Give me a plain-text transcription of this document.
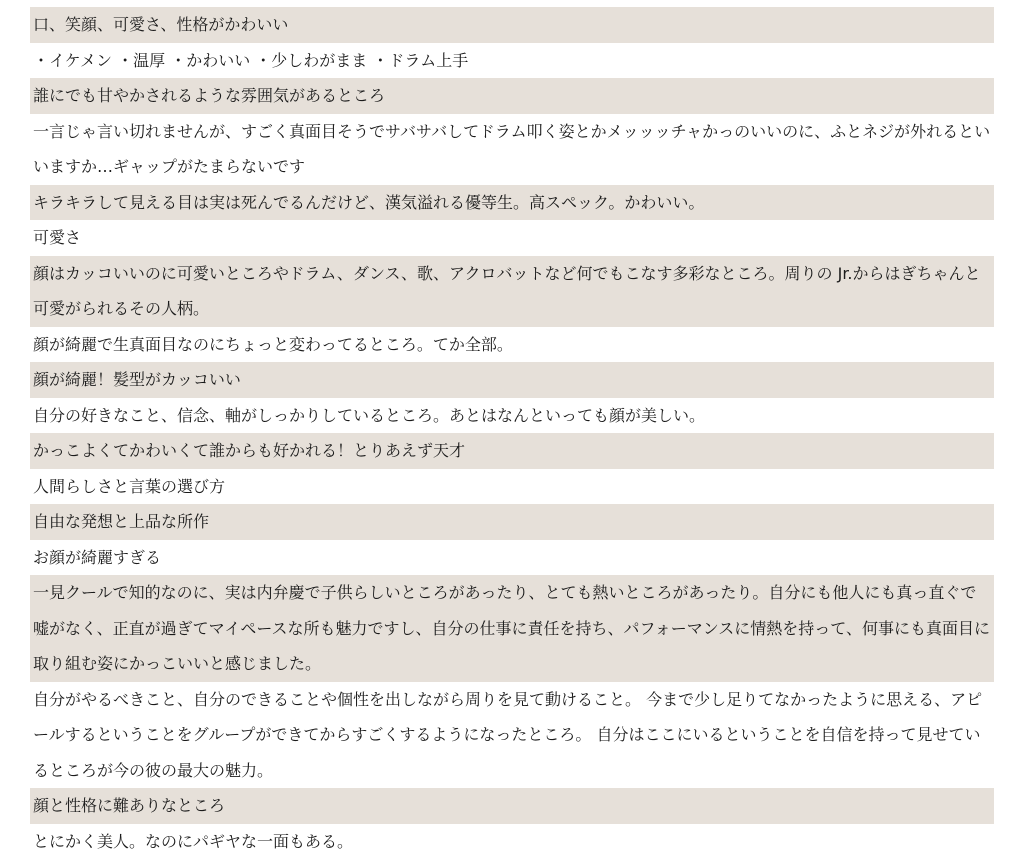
口、笑顔、可愛さ、性格がかわいい
・イケメン ・温厚 ・かわいい ・少しわがまま ・ドラム上手
誰にでも甘やかされるような雰囲気があるところ
一言じゃ言い切れませんが、すごく真面目そうでサバサバしてドラム叩く姿とかメッッッチャかっのいいのに、ふとネジが外れるといいますか…ギャップがたまらないです
キラキラして見える目は実は死んでるんだけど、漢気溢れる優等生。高スペック。かわいい。
可愛さ
顔はカッコいいのに可愛いところやドラム、ダンス、歌、アクロバットなど何でもこなす多彩なところ。周りの Jr.からはぎちゃんと可愛がられるその人柄。
顔が綺麗で生真面目なのにちょっと変わってるところ。てか全部。
顔が綺麗！髪型がカッコいい
自分の好きなこと、信念、軸がしっかりしているところ。あとはなんといっても顔が美しい。
かっこよくてかわいくて誰からも好かれる！とりあえず天才
人間らしさと言葉の選び方
自由な発想と上品な所作
お顔が綺麗すぎる
一見クールで知的なのに、実は内弁慶で子供らしいところがあったり、とても熱いところがあったり。自分にも他人にも真っ直ぐで嘘がなく、正直が過ぎてマイペースな所も魅力ですし、自分の仕事に責任を持ち、パフォーマンスに情熱を持って、何事にも真面目に取り組む姿にかっこいいと感じました。
自分がやるべきこと、自分のできることや個性を出しながら周りを見て動けること。 今まで少し足りてなかったように思える、アピールするということをグループができてからすごくするようになったところ。 自分はここにいるということを自信を持って見せているところが今の彼の最大の魅力。
顔と性格に難ありなところ
とにかく美人。なのにパギヤな一面もある。
